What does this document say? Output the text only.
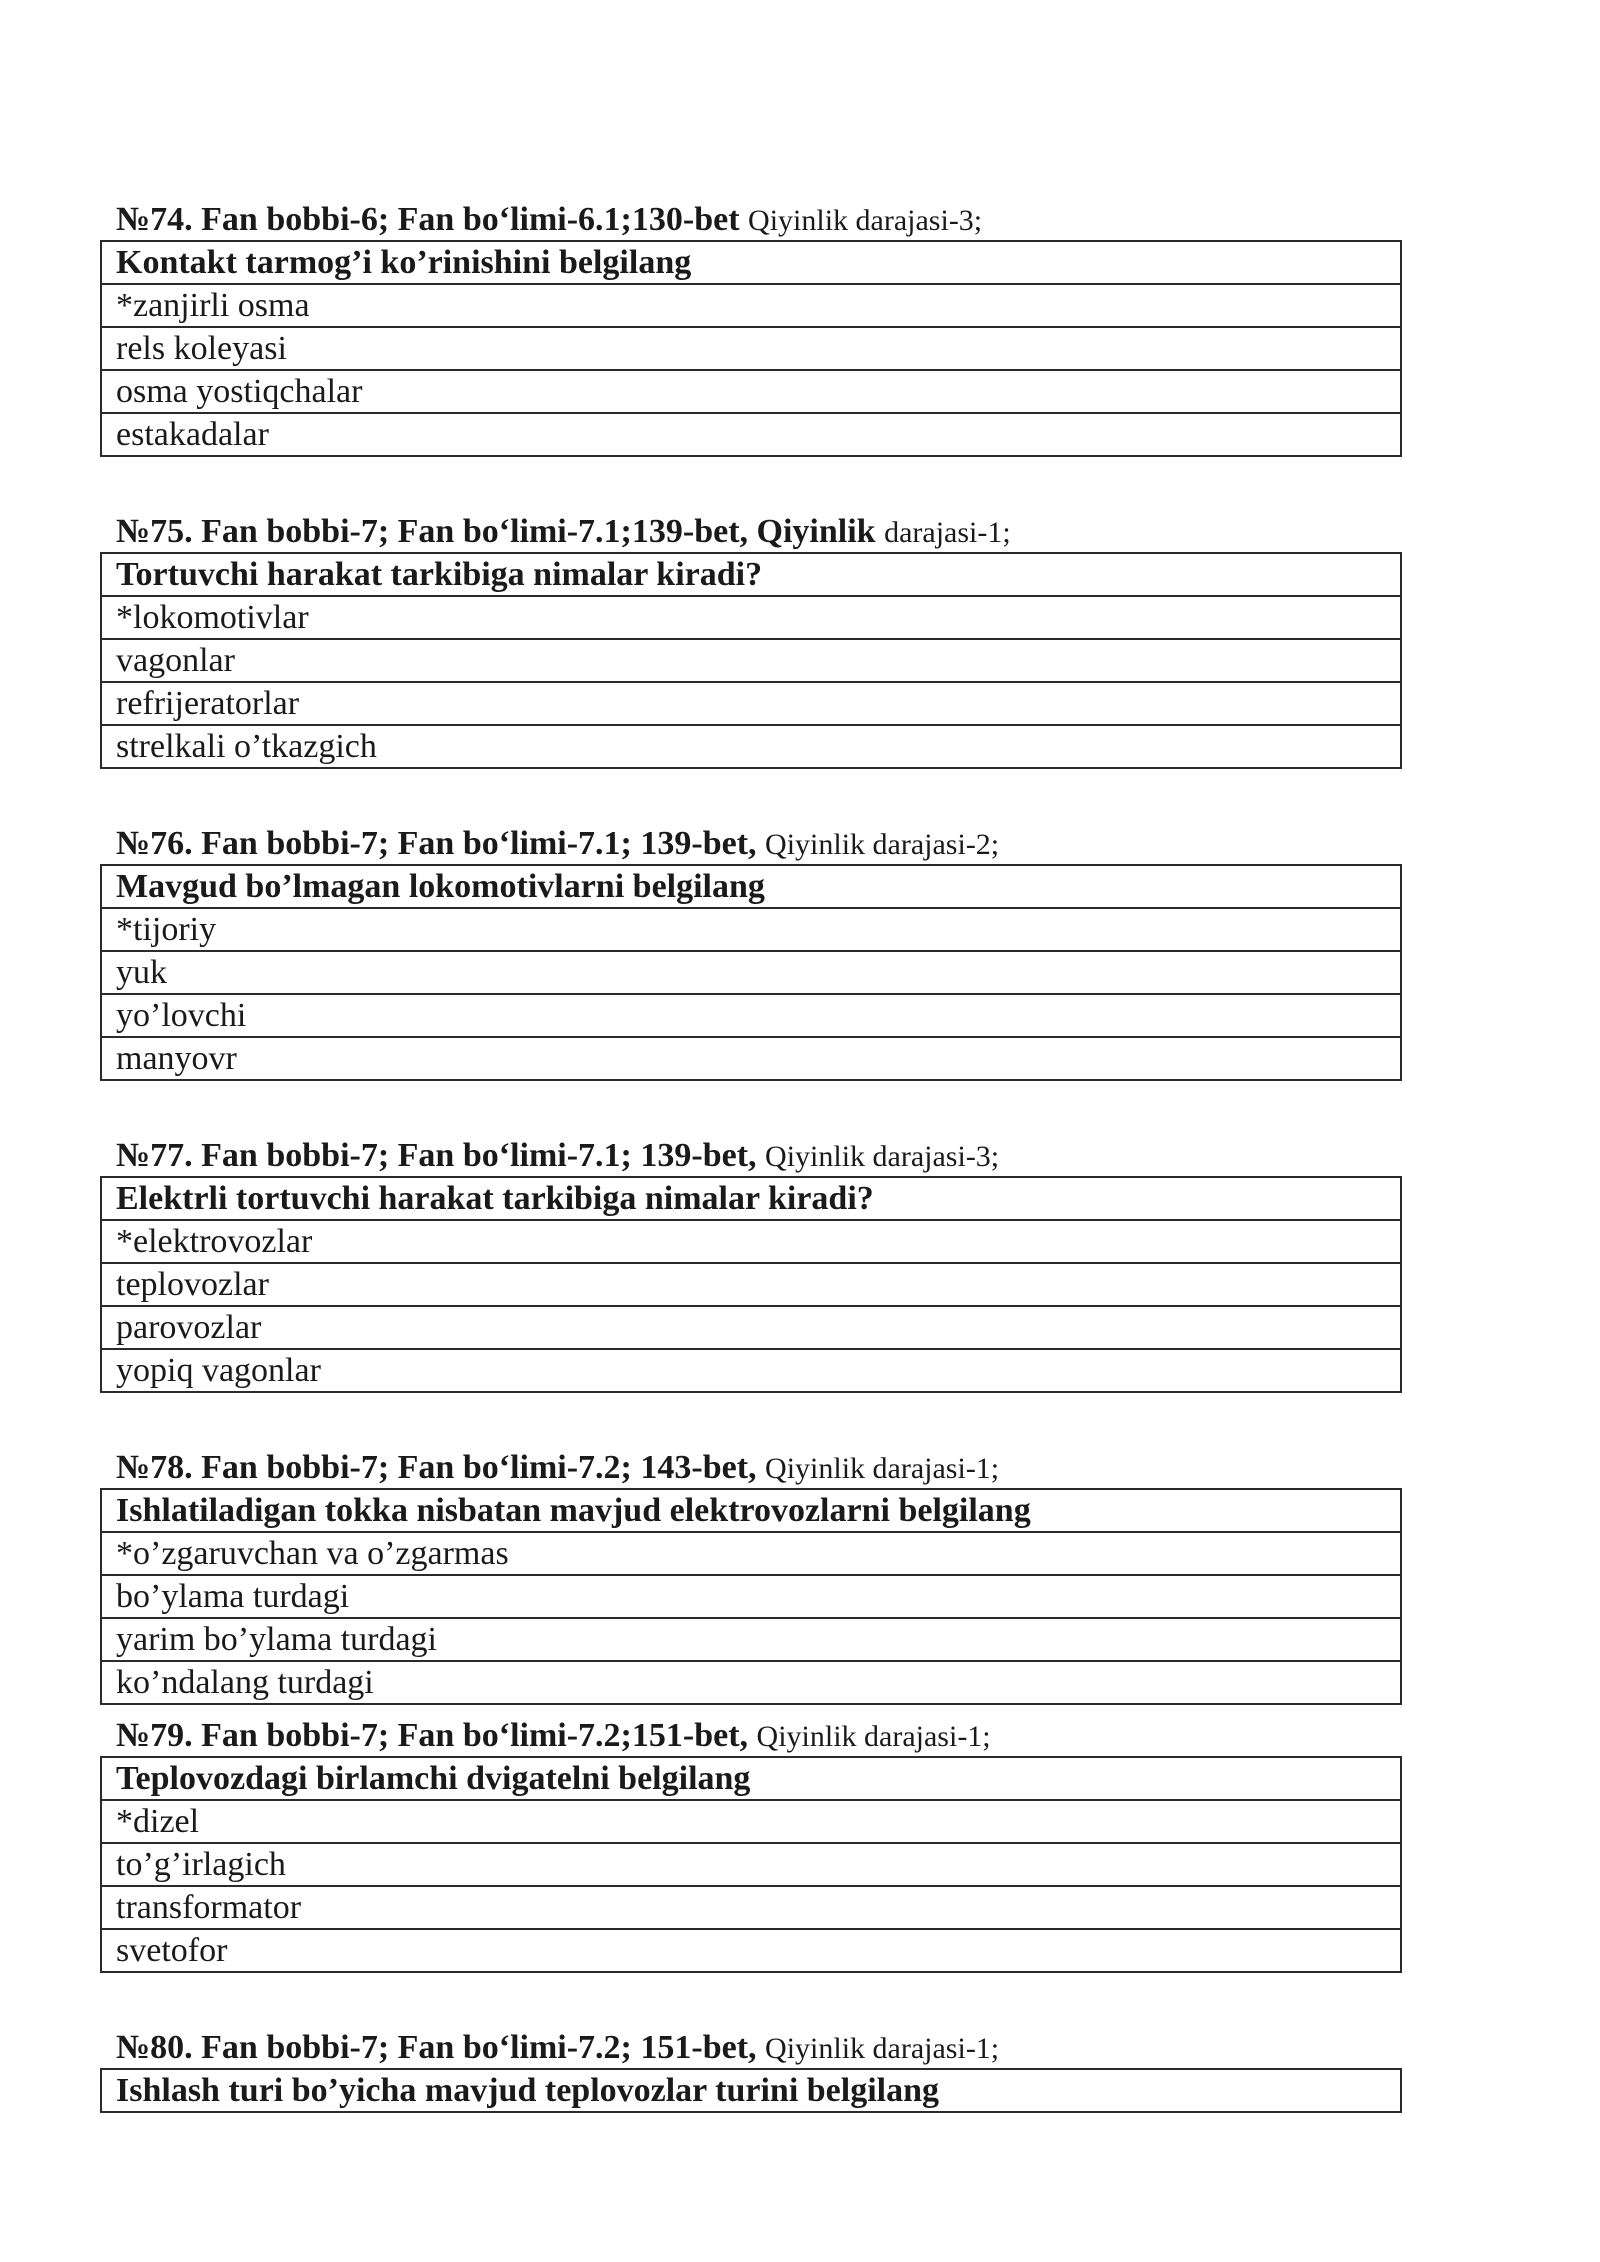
№74. Fan bobbi-6; Fan bo‘limi-6.1;130-bet Qiyinlik darajasi-3;
Kontakt tarmog’i ko’rinishini belgilang
*zanjirli osma
rels koleyasi
osma yostiqchalar
estakadalar
№75. Fan bobbi-7; Fan bo‘limi-7.1;139-bet, Qiyinlik darajasi-1;
Tortuvchi harakat tarkibiga nimalar kiradi?
*lokomotivlar
vagonlar
refrijeratorlar
strelkali o’tkazgich
№76. Fan bobbi-7; Fan bo‘limi-7.1; 139-bet, Qiyinlik darajasi-2;
Mavgud bo’lmagan lokomotivlarni belgilang
*tijoriy
yuk
yo’lovchi
manyovr
№77. Fan bobbi-7; Fan bo‘limi-7.1; 139-bet, Qiyinlik darajasi-3;
Elektrli tortuvchi harakat tarkibiga nimalar kiradi?
*elektrovozlar
teplovozlar
parovozlar
yopiq vagonlar
№78. Fan bobbi-7; Fan bo‘limi-7.2; 143-bet, Qiyinlik darajasi-1;
Ishlatiladigan tokka nisbatan mavjud elektrovozlarni belgilang
*o’zgaruvchan va o’zgarmas
bo’ylama turdagi
yarim bo’ylama turdagi
ko’ndalang turdagi
№79. Fan bobbi-7; Fan bo‘limi-7.2;151-bet, Qiyinlik darajasi-1;
Teplovozdagi birlamchi dvigatelni belgilang
*dizel
to’g’irlagich
transformator
svetofor
№80. Fan bobbi-7; Fan bo‘limi-7.2; 151-bet, Qiyinlik darajasi-1;
Ishlash turi bo’yicha mavjud teplovozlar turini belgilang
